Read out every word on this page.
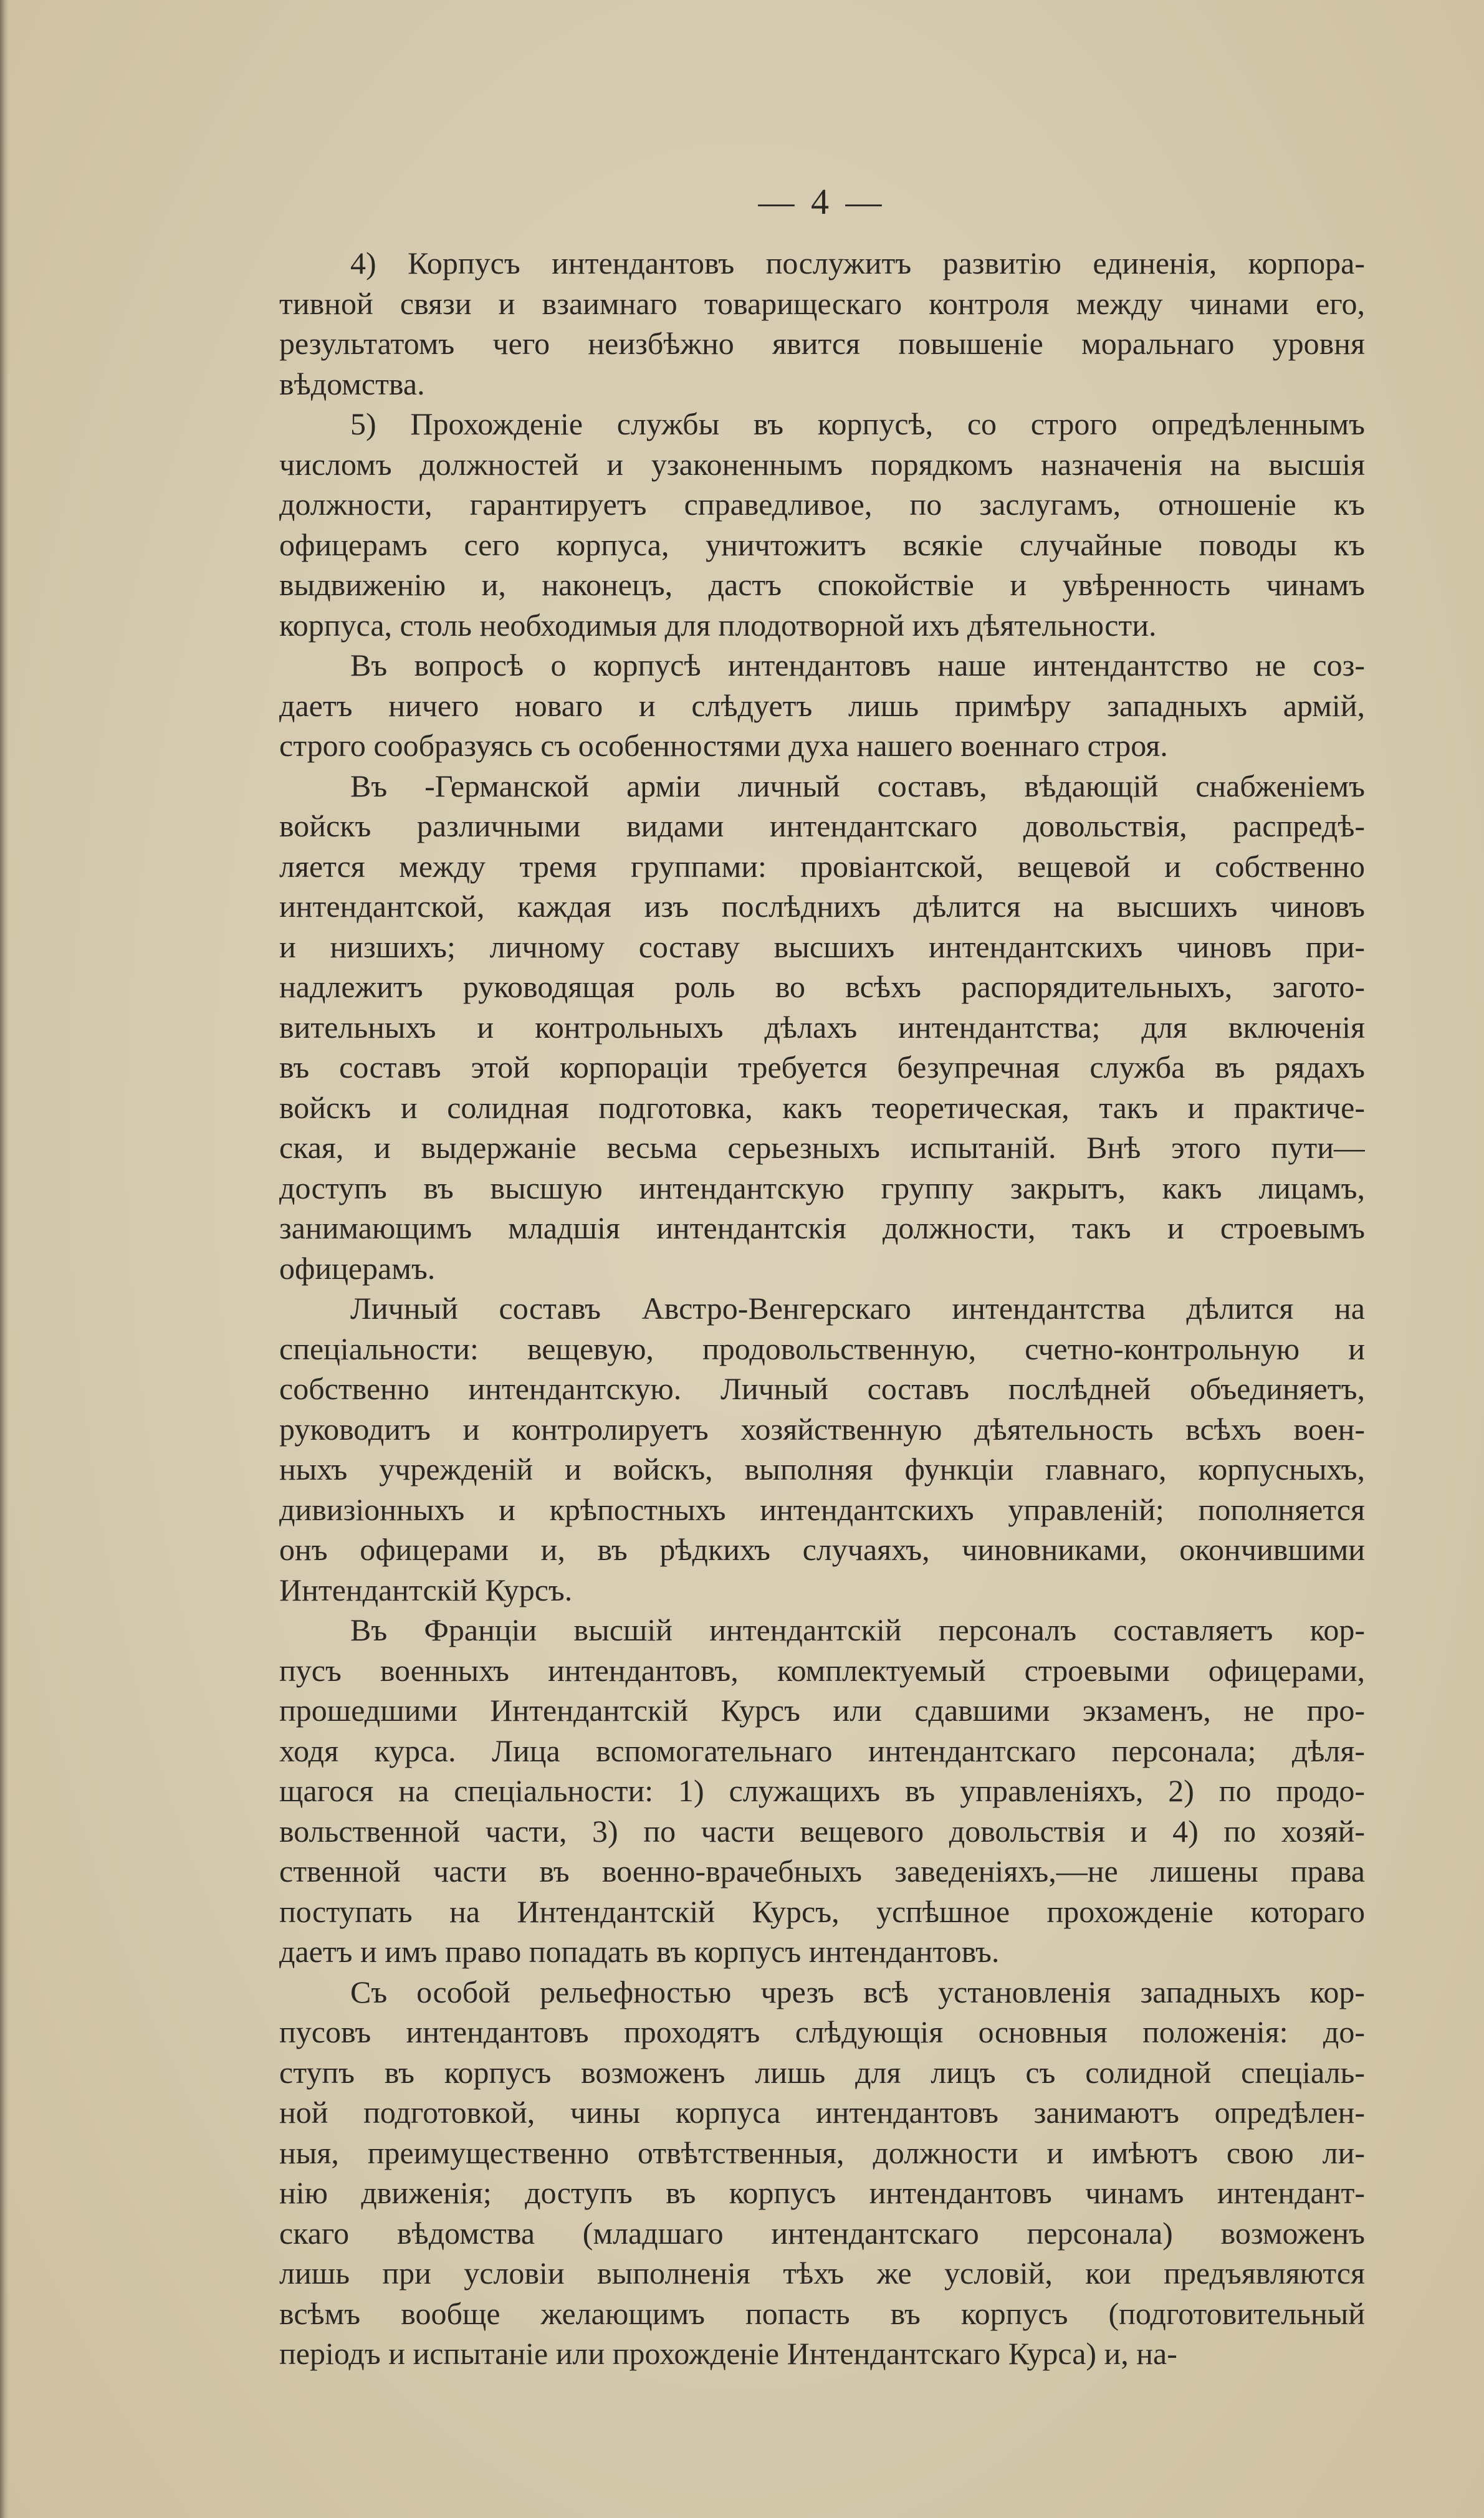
— 4 —
4) Корпусъ интендантовъ послужитъ развитію единенія, корпора-
тивной связи и взаимнаго товарищескаго контроля между чинами его,
результатомъ чего неизбѣжно явится повышеніе моральнаго уровня
вѣдомства.
5) Прохожденіе службы въ корпусѣ, со строго опредѣленнымъ
числомъ должностей и узаконеннымъ порядкомъ назначенія на высшія
должности, гарантируетъ справедливое, по заслугамъ, отношеніе къ
офицерамъ сего корпуса, уничтожитъ всякіе случайные поводы къ
выдвиженію и, наконецъ, дастъ спокойствіе и увѣренность чинамъ
корпуса, столь необходимыя для плодотворной ихъ дѣятельности.
Въ вопросѣ о корпусѣ интендантовъ наше интендантство не соз-
даетъ ничего новаго и слѣдуетъ лишь примѣру западныхъ армій,
строго сообразуясь съ особенностями духа нашего военнаго строя.
Въ -Германской арміи личный составъ, вѣдающій снабженіемъ
войскъ различными видами интендантскаго довольствія, распредѣ-
ляется между тремя группами: провіантской, вещевой и собственно
интендантской, каждая изъ послѣднихъ дѣлится на высшихъ чиновъ
и низшихъ; личному составу высшихъ интендантскихъ чиновъ при-
надлежитъ руководящая роль во всѣхъ распорядительныхъ, загото-
вительныхъ и контрольныхъ дѣлахъ интендантства; для включенія
въ составъ этой корпораціи требуется безупречная служба въ рядахъ
войскъ и солидная подготовка, какъ теоретическая, такъ и практиче-
ская, и выдержаніе весьма серьезныхъ испытаній. Внѣ этого пути—
доступъ въ высшую интендантскую группу закрытъ, какъ лицамъ,
занимающимъ младшія интендантскія должности, такъ и строевымъ
офицерамъ.
Личный составъ Австро-Венгерскаго интендантства дѣлится на
спеціальности: вещевую, продовольственную, счетно-контрольную и
собственно интендантскую. Личный составъ послѣдней объединяетъ,
руководитъ и контролируетъ хозяйственную дѣятельность всѣхъ воен-
ныхъ учрежденій и войскъ, выполняя функціи главнаго, корпусныхъ,
дивизіонныхъ и крѣпостныхъ интендантскихъ управленій; пополняется
онъ офицерами и, въ рѣдкихъ случаяхъ, чиновниками, окончившими
Интендантскій Курсъ.
Въ Франціи высшій интендантскій персоналъ составляетъ кор-
пусъ военныхъ интендантовъ, комплектуемый строевыми офицерами,
прошедшими Интендантскій Курсъ или сдавшими экзаменъ, не про-
ходя курса. Лица вспомогательнаго интендантскаго персонала; дѣля-
щагося на спеціальности: 1) служащихъ въ управленіяхъ, 2) по продо-
вольственной части, 3) по части вещевого довольствія и 4) по хозяй-
ственной части въ военно-врачебныхъ заведеніяхъ,—не лишены права
поступать на Интендантскій Курсъ, успѣшное прохожденіе котораго
даетъ и имъ право попадать въ корпусъ интендантовъ.
Съ особой рельефностью чрезъ всѣ установленія западныхъ кор-
пусовъ интендантовъ проходятъ слѣдующія основныя положенія: до-
ступъ въ корпусъ возможенъ лишь для лицъ съ солидной спеціаль-
ной подготовкой, чины корпуса интендантовъ занимаютъ опредѣлен-
ныя, преимущественно отвѣтственныя, должности и имѣютъ свою ли-
нію движенія; доступъ въ корпусъ интендантовъ чинамъ интендант-
скаго вѣдомства (младшаго интендантскаго персонала) возможенъ
лишь при условіи выполненія тѣхъ же условій, кои предъявляются
всѣмъ вообще желающимъ попасть въ корпусъ (подготовительный
періодъ и испытаніе или прохожденіе Интендантскаго Курса) и, на-
